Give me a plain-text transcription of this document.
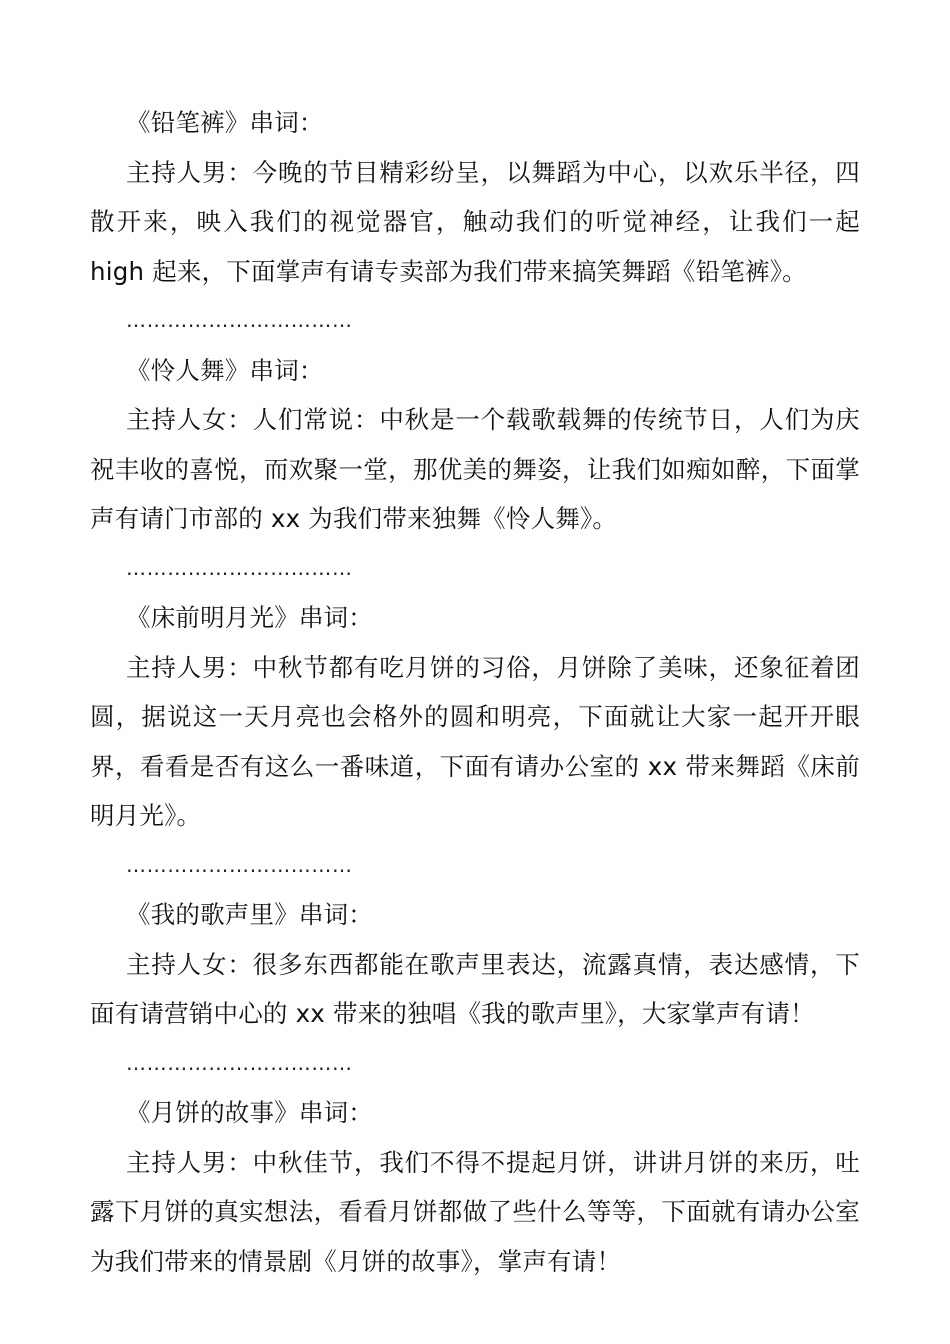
《铅笔裤》串词：

主持人男：今晚的节目精彩纷呈，以舞蹈为中心，以欢乐半径，四散开来，映入我们的视觉器官，触动我们的听觉神经，让我们一起 high 起来，下面掌声有请专卖部为我们带来搞笑舞蹈《铅笔裤》。

……………………………
《怜人舞》串词：

主持人女：人们常说：中秋是一个载歌载舞的传统节日，人们为庆祝丰收的喜悦，而欢聚一堂，那优美的舞姿，让我们如痴如醉，下面掌声有请门市部的 xx 为我们带来独舞《怜人舞》。

……………………………
《床前明月光》串词：

主持人男：中秋节都有吃月饼的习俗，月饼除了美味，还象征着团圆，据说这一天月亮也会格外的圆和明亮，下面就让大家一起开开眼界，看看是否有这么一番味道，下面有请办公室的 xx 带来舞蹈《床前明月光》。

……………………………
《我的歌声里》串词：

主持人女：很多东西都能在歌声里表达，流露真情，表达感情，下面有请营销中心的 xx 带来的独唱《我的歌声里》，大家掌声有请！

……………………………
《月饼的故事》串词：

主持人男：中秋佳节，我们不得不提起月饼，讲讲月饼的来历，吐露下月饼的真实想法，看看月饼都做了些什么等等，下面就有请办公室为我们带来的情景剧《月饼的故事》，掌声有请！
